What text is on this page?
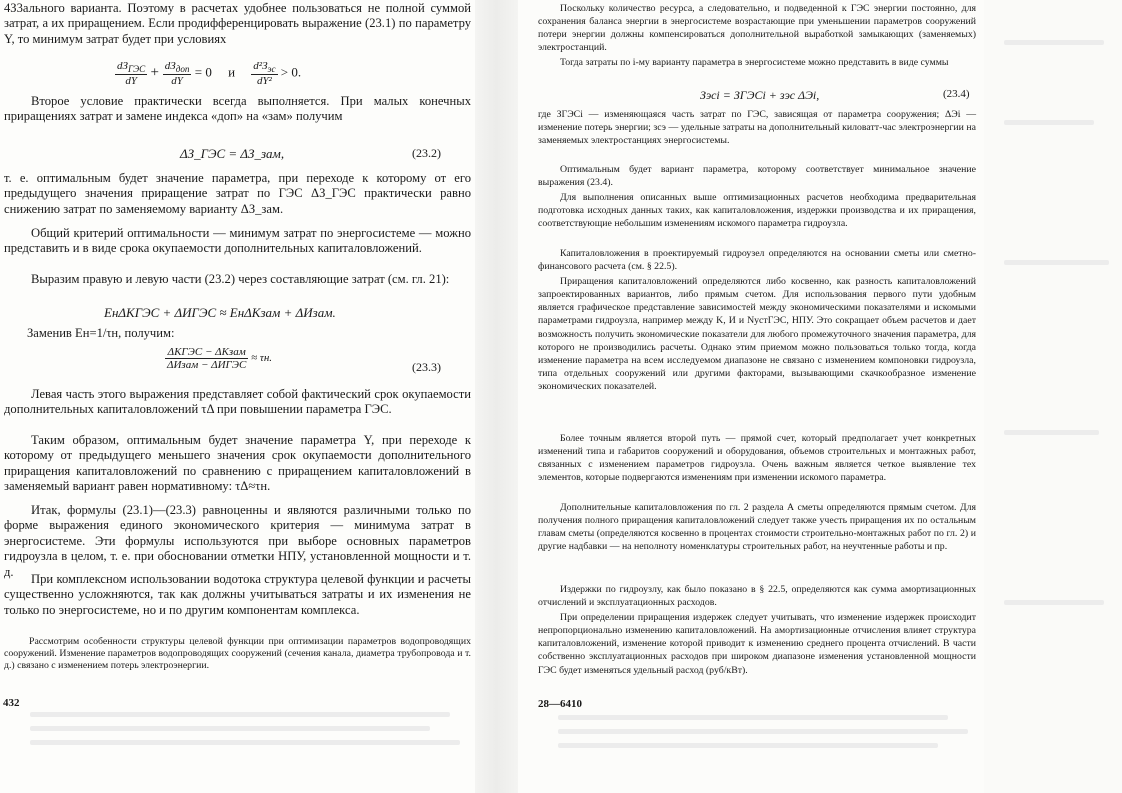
4З3ального варианта. Поэтому в расчетах удобнее пользоваться не полной суммой затрат, а их приращением. Если продифференцировать выражение (23.1) по параметру Y, то минимум затрат будет при условиях

$\frac{dЗ_{ГЭС}}{dY} + \frac{dЗ_{доп}}{dY} = 0$     и $\frac{d^2З_{эс}}{\text{dY²}} > 0$.

Второе условие практически всегда выполняется. При малых конечных приращениях затрат и замене индекса «доп» на «зам» получим

ΔЗ_ГЭС = ΔЗ_зам,	(23.2)

т. е. оптимальным будет значение параметра, при переходе к которому от его предыдущего значения приращение затрат по ГЭС ΔЗ_ГЭС практически равно снижению затрат по заменяемому варианту ΔЗ_зам.

Общий критерий оптимальности — минимум затрат по энергосистеме — можно представить и в виде срока окупаемости дополнительных капиталовложений.

Выразим правую и левую части (23.2) через составляющие затрат (см. гл. 21):

EнΔKГЭС + ΔИГЭС ≈ EнΔKзам + ΔИзам.

Заменив Eн=1/τн, получим:

$\frac{\text{ΔKГЭС − ΔKзам}}{\text{ΔИзам − ΔИГЭС}} \approx \tau н$.
(23.3)

Левая часть этого выражения представляет собой фактический срок окупаемости дополнительных капиталовложений τΔ при повышении параметра ГЭС.

Таким образом, оптимальным будет значение параметра Y, при переходе к которому от предыдущего меньшего значения срок окупаемости дополнительного приращения капиталовложений по сравнению с приращением капиталовложений в заменяемый вариант равен нормативному: τΔ≈τн.

Итак, формулы (23.1)—(23.3) равноценны и являются различными только по форме выражения единого экономического критерия — минимума затрат в энергосистеме. Эти формулы используются при выборе основных параметров гидроузла в целом, т. е. при обосновании отметки НПУ, установленной мощности и т. д.

При комплексном использовании водотока структура целевой функции и расчеты существенно усложняются, так как должны учитываться затраты и их изменения не только по энергосистеме, но и по другим компонентам комплекса.

Рассмотрим особенности структуры целевой функции при оптимизации параметров водопроводящих сооружений. Изменение параметров водопроводящих сооружений (сечения канала, диаметра трубопровода и т. д.) связано с изменением потерь электроэнергии.

432

Поскольку количество ресурса, а следовательно, и подведенной к ГЭС энергии постоянно, для сохранения баланса энергии в энергосистеме возрастающие при уменьшении параметров сооружений потери энергии должны компенсироваться дополнительной выработкой замыкающих (заменяемых) электростанций.

Тогда затраты по i-му варианту параметра в энергосистеме можно представить в виде суммы

Зэсi = ЗГЭСi + зэс ΔЭi,	(23.4)

где ЗГЭСi — изменяющаяся часть затрат по ГЭС, зависящая от параметра сооружения; ΔЭi — изменение потерь энергии; зсэ — удельные затраты на дополнительный киловатт-час электроэнергии на заменяемых электростанциях энергосистемы.

Оптимальным будет вариант параметра, которому соответствует минимальное значение выражения (23.4).

Для выполнения описанных выше оптимизационных расчетов необходима предварительная подготовка исходных данных таких, как капиталовложения, издержки производства и их приращения, соответствующие небольшим изменениям искомого параметра гидроузла.

Капиталовложения в проектируемый гидроузел определяются на основании сметы или сметно-финансового расчета (см. § 22.5).

Приращения капиталовложений определяются либо косвенно, как разность капиталовложений запроектированных вариантов, либо прямым счетом. Для использования первого пути удобным является графическое представление зависимостей между экономическими показателями и искомыми параметрами гидроузла, например между K, И и NустГЭС, НПУ. Это сокращает объем расчетов и дает возможность получить экономические показатели для любого промежуточного значения параметра, для которого не производились расчеты. Однако этим приемом можно пользоваться только тогда, когда изменение параметра на всем исследуемом диапазоне не связано с изменением компоновки гидроузла, типа отдельных сооружений или другими факторами, вызывающими скачкообразное изменение экономических показателей.

Более точным является второй путь — прямой счет, который предполагает учет конкретных изменений типа и габаритов сооружений и оборудования, объемов строительных и монтажных работ, связанных с изменением параметров гидроузла. Очень важным является четкое выявление тех элементов, которые подвергаются изменениям при изменении искомого параметра.

Дополнительные капиталовложения по гл. 2 раздела А сметы определяются прямым счетом. Для получения полного приращения капиталовложений следует также учесть приращения их по остальным главам сметы (определяются косвенно в процентах стоимости строительно-монтажных работ по гл. 2) и другие надбавки — на неполноту номенклатуры строительных работ, на неучтенные работы и пр.

Издержки по гидроузлу, как было показано в § 22.5, определяются как сумма амортизационных отчислений и эксплуатационных расходов.

При определении приращения издержек следует учитывать, что изменение издержек происходит непропорционально изменению капиталовложений. На амортизационные отчисления влияет структура капиталовложений, изменение которой приводит к изменению среднего процента отчислений. В части собственно эксплуатационных расходов при широком диапазоне изменения установленной мощности ГЭС будет изменяться удельный расход (руб/кВт).

28—6410
